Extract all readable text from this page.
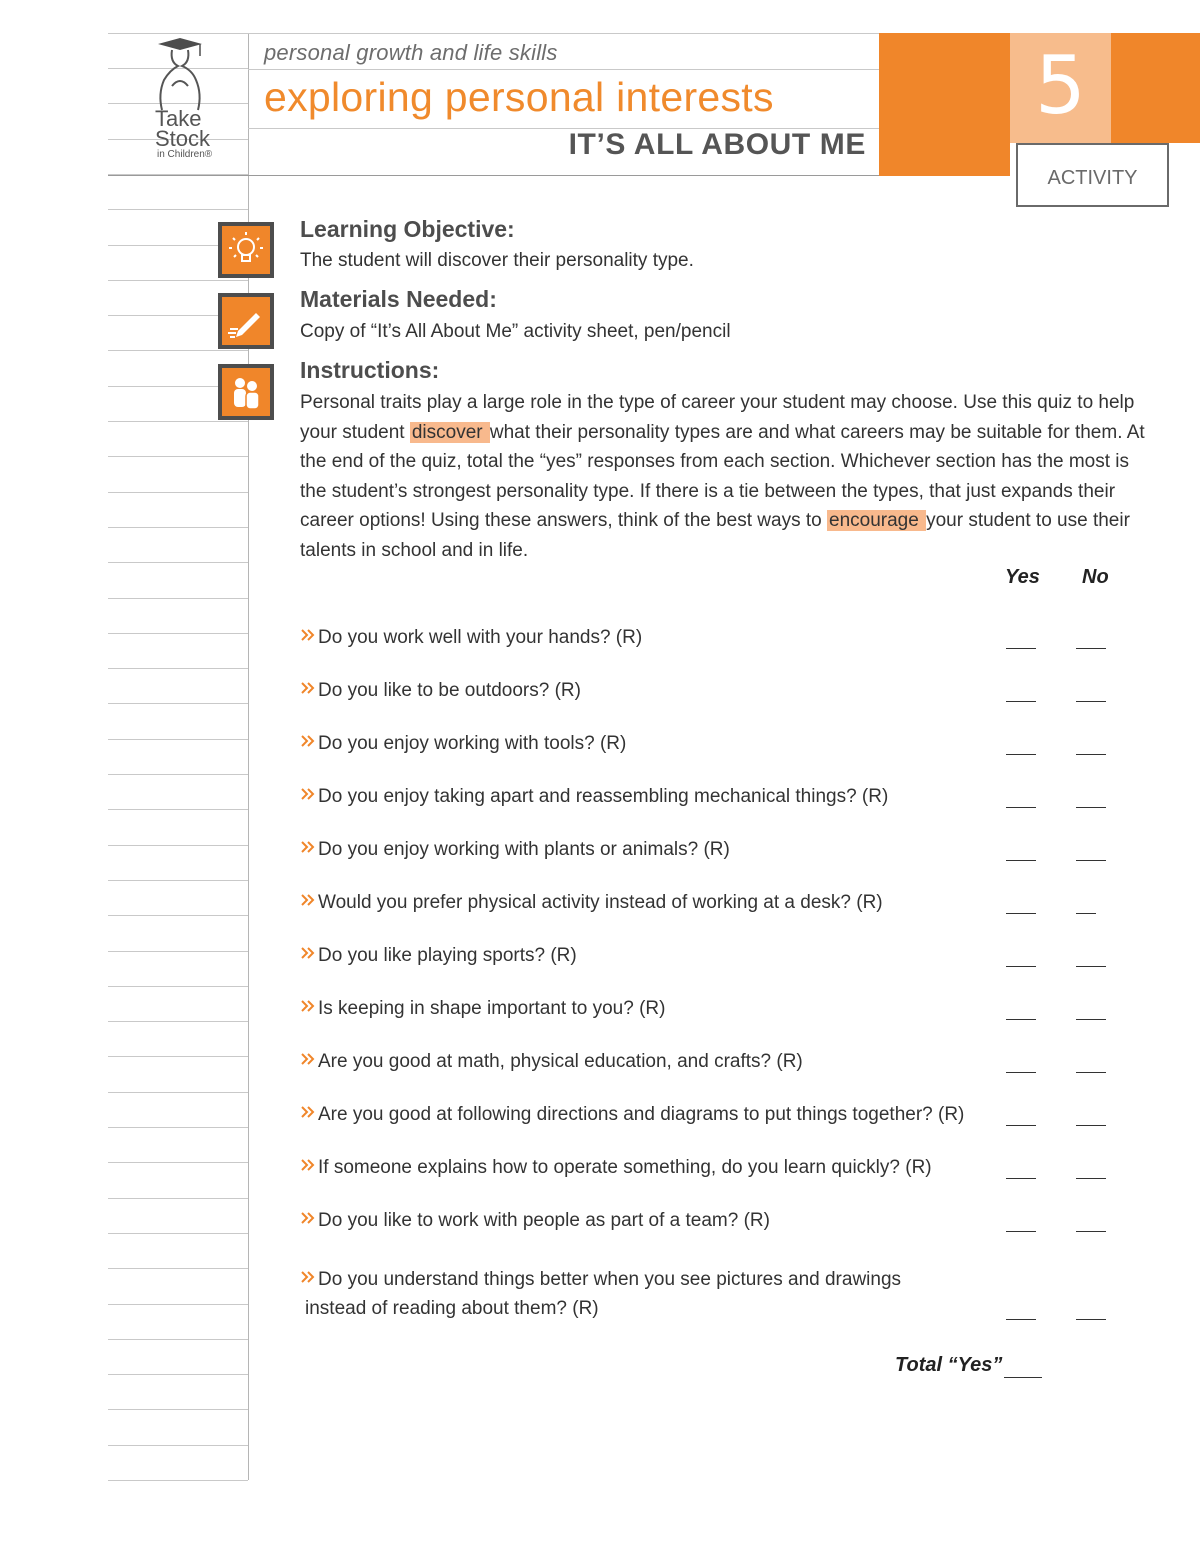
Take
Stock
in Children®
personal growth and life skills
exploring personal interests
IT’S ALL ABOUT ME
5
ACTIVITY
Learning Objective:
The student will discover their personality type.
Materials Needed:
Copy of “It’s All About Me” activity sheet, pen/pencil
Instructions:
Personal traits play a large role in the type of career your student may choose. Use this quiz to help your student discover what their personality types are and what careers may be suitable for them. At the end of the quiz, total the “yes” responses from each section. Whichever section has the most is the student’s strongest personality type. If there is a tie between the types, that just expands their career options! Using these answers, think of the best ways to encourage your student to use their talents in school and in life.
Yes No
Do you work well with your hands? (R)
Do you like to be outdoors? (R)
Do you enjoy working with tools? (R)
Do you enjoy taking apart and reassembling mechanical things? (R)
Do you enjoy working with plants or animals? (R)
Would you prefer physical activity instead of working at a desk? (R)
Do you like playing sports? (R)
Is keeping in shape important to you? (R)
Are you good at math, physical education, and crafts? (R)
Are you good at following directions and diagrams to put things together? (R)
If someone explains how to operate something, do you learn quickly? (R)
Do you like to work with people as part of a team? (R)
Do you understand things better when you see pictures and drawings
instead of reading about them? (R)
Total “Yes”
